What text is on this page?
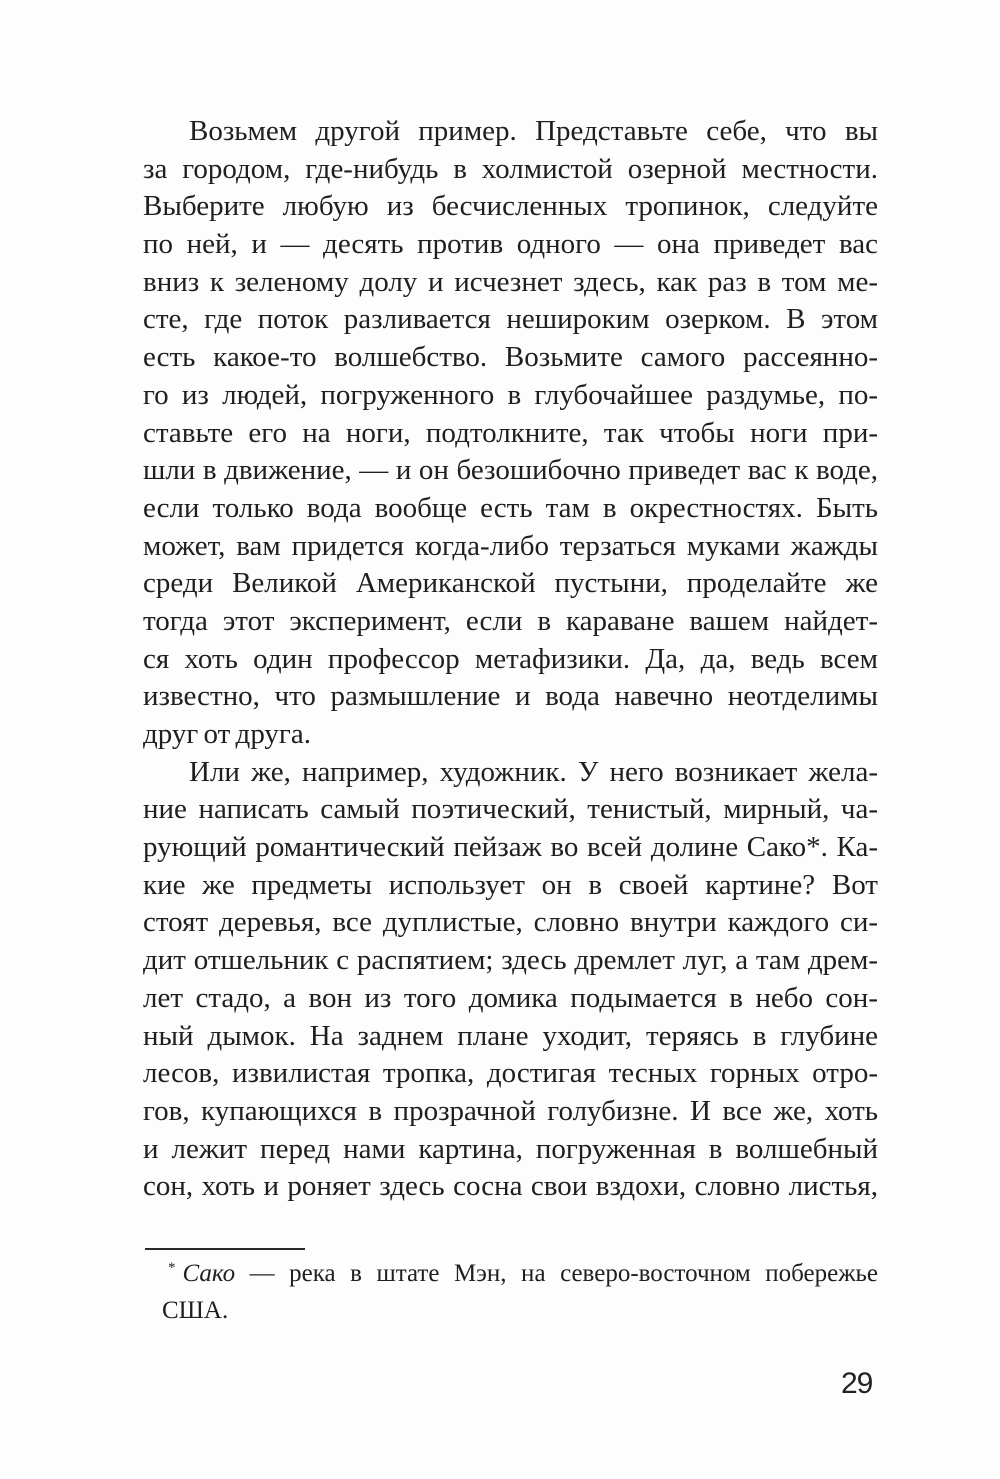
Возьмем другой пример. Представьте себе, что вы
за городом, где-нибудь в холмистой озерной местности.
Выберите любую из бесчисленных тропинок, следуйте
по ней, и — десять против одного — она приведет вас
вниз к зеленому долу и исчезнет здесь, как раз в том ме-
сте, где поток разливается нешироким озерком. В этом
есть какое-то волшебство. Возьмите самого рассеянно-
го из людей, погруженного в глубочайшее раздумье, по-
ставьте его на ноги, подтолкните, так чтобы ноги при-
шли в движение, — и он безошибочно приведет вас к воде,
если только вода вообще есть там в окрестностях. Быть
может, вам придется когда-либо терзаться муками жажды
среди Великой Американской пустыни, проделайте же
тогда этот эксперимент, если в караване вашем найдет-
ся хоть один профессор метафизики. Да, да, ведь всем
известно, что размышление и вода навечно неотделимы
друг от друга.
Или же, например, художник. У него возникает жела-
ние написать самый поэтический, тенистый, мирный, ча-
рующий романтический пейзаж во всей долине Сако*. Ка-
кие же предметы использует он в своей картине? Вот
стоят деревья, все дуплистые, словно внутри каждого си-
дит отшельник с распятием; здесь дремлет луг, а там дрем-
лет стадо, а вон из того домика подымается в небо сон-
ный дымок. На заднем плане уходит, теряясь в глубине
лесов, извилистая тропка, достигая тесных горных отро-
гов, купающихся в прозрачной голубизне. И все же, хоть
и лежит перед нами картина, погруженная в волшебный
сон, хоть и роняет здесь сосна свои вздохи, словно листья,
* Сако — река в штате Мэн, на северо-восточном побережье
США.
29
